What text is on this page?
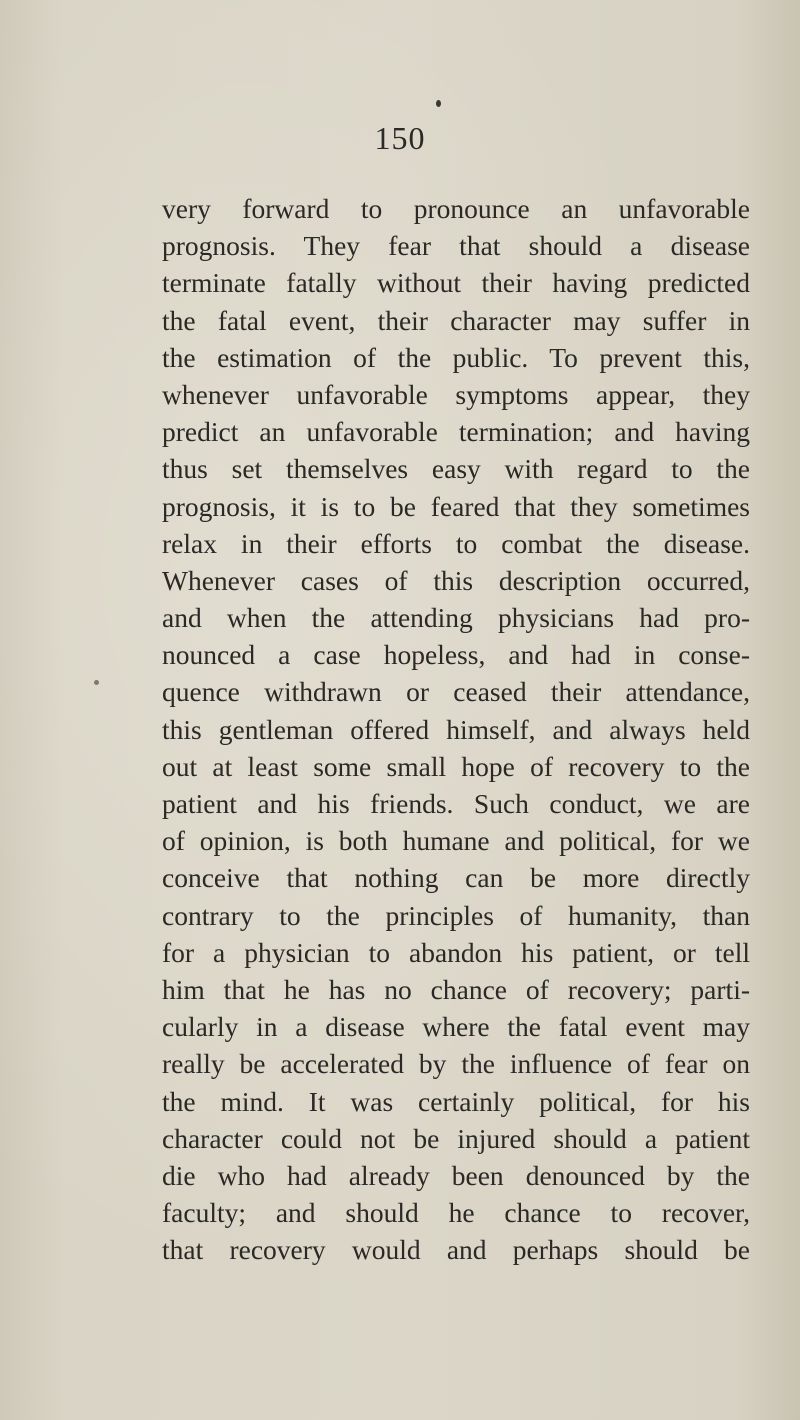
150
very forward to pronounce an unfavorable
prognosis. They fear that should a disease
terminate fatally without their having predicted
the fatal event, their character may suffer in
the estimation of the public. To prevent this,
whenever unfavorable symptoms appear, they
predict an unfavorable termination; and having
thus set themselves easy with regard to the
prognosis, it is to be feared that they sometimes
relax in their efforts to combat the disease.
Whenever cases of this description occurred,
and when the attending physicians had pro-
nounced a case hopeless, and had in conse-
quence withdrawn or ceased their attendance,
this gentleman offered himself, and always held
out at least some small hope of recovery to the
patient and his friends. Such conduct, we are
of opinion, is both humane and political, for we
conceive that nothing can be more directly
contrary to the principles of humanity, than
for a physician to abandon his patient, or tell
him that he has no chance of recovery; parti-
cularly in a disease where the fatal event may
really be accelerated by the influence of fear on
the mind. It was certainly political, for his
character could not be injured should a patient
die who had already been denounced by the
faculty; and should he chance to recover,
that recovery would and perhaps should be
